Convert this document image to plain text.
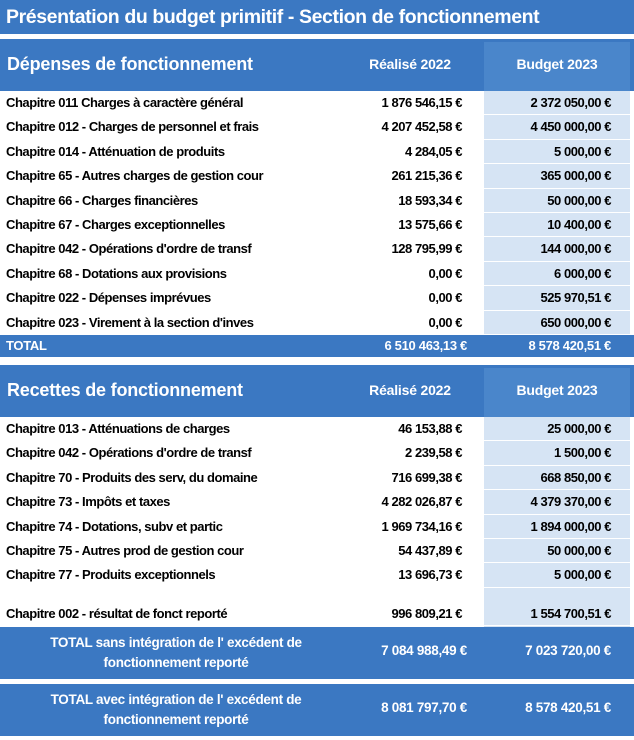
Présentation du budget primitif - Section de fonctionnement
Dépenses de fonctionnement	Réalisé 2022	Budget 2023
Chapitre 011 Charges à caractère général	1 876 546,15 €	2 372 050,00 €
Chapitre 012 - Charges de personnel et frais	4 207 452,58 €	4 450 000,00 €
Chapitre 014 - Atténuation de produits	4 284,05 €	5 000,00 €
Chapitre 65 - Autres charges de gestion cour	261 215,36 €	365 000,00 €
Chapitre 66 - Charges financières	18 593,34 €	50 000,00 €
Chapitre 67 - Charges exceptionnelles	13 575,66 €	10 400,00 €
Chapitre 042 - Opérations d'ordre de transf	128 795,99 €	144 000,00 €
Chapitre 68 - Dotations aux provisions	0,00 €	6 000,00 €
Chapitre 022 - Dépenses imprévues	0,00 €	525 970,51 €
Chapitre 023 - Virement à la section d'inves	0,00 €	650 000,00 €
TOTAL	6 510 463,13 €	8 578 420,51 €
Recettes de fonctionnement	Réalisé 2022	Budget 2023
Chapitre 013 - Atténuations de charges	46 153,88 €	25 000,00 €
Chapitre 042 - Opérations d'ordre de transf	2 239,58 €	1 500,00 €
Chapitre 70 - Produits des serv, du domaine	716 699,38 €	668 850,00 €
Chapitre 73 - Impôts et taxes	4 282 026,87 €	4 379 370,00 €
Chapitre 74 - Dotations, subv et partic	1 969 734,16 €	1 894 000,00 €
Chapitre 75 - Autres prod de gestion cour	54 437,89 €	50 000,00 €
Chapitre 77 - Produits exceptionnels	13 696,73 €	5 000,00 €
Chapitre 002 - résultat de fonct reporté	996 809,21 €	1 554 700,51 €
TOTAL sans intégration de l' excédent de
fonctionnement reporté
7 084 988,49 €	7 023 720,00 €
TOTAL avec intégration de l' excédent de
fonctionnement reporté
8 081 797,70 €	8 578 420,51 €
